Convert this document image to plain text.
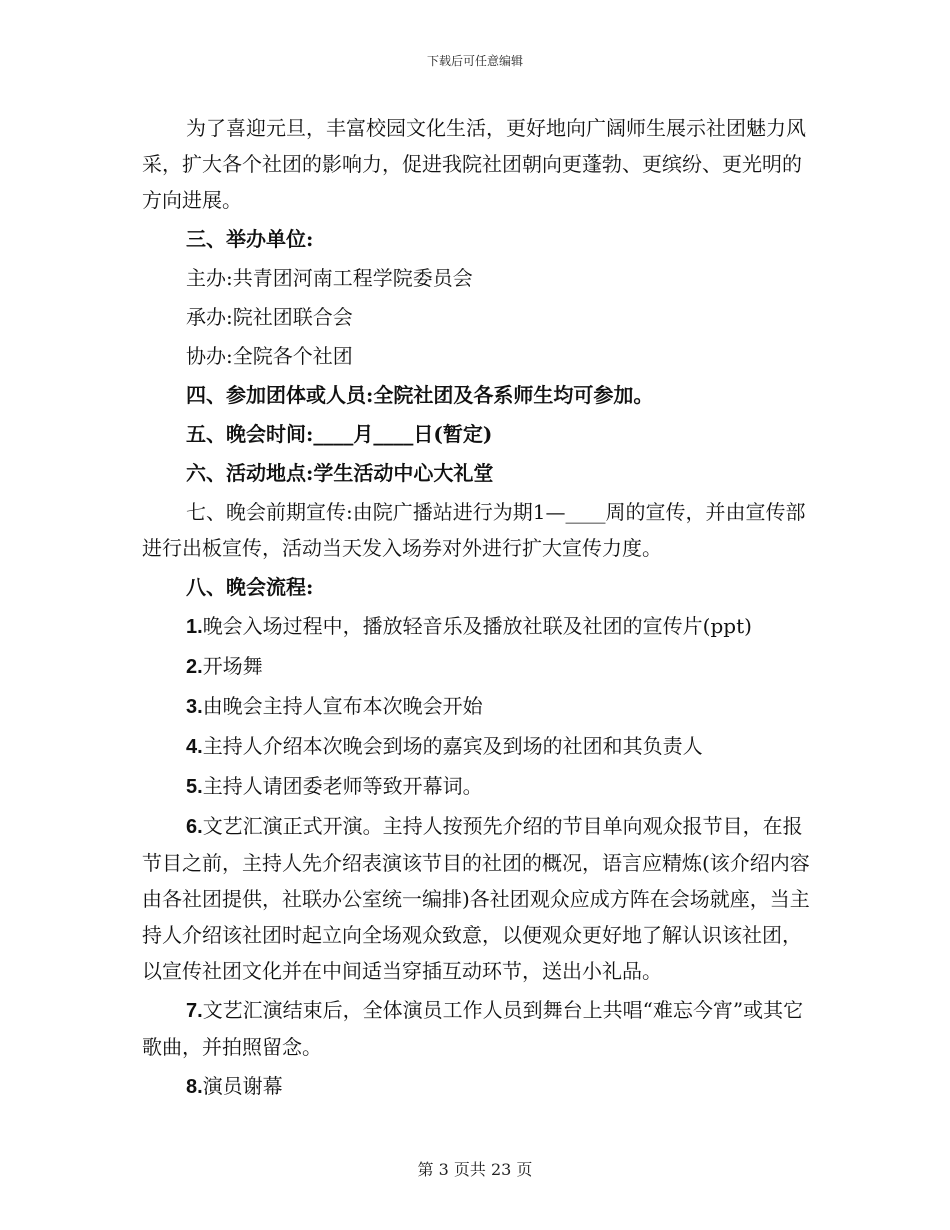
下载后可任意编辑

为了喜迎元旦，丰富校园文化生活，更好地向广阔师生展示社团魅力风采，扩大各个社团的影响力，促进我院社团朝向更蓬勃、更缤纷、更光明的方向进展。

三、举办单位:

主办:共青团河南工程学院委员会

承办:院社团联合会

协办:全院各个社团

四、参加团体或人员:全院社团及各系师生均可参加。

五、晚会时间:____月____日(暂定)

六、活动地点:学生活动中心大礼堂

七、晚会前期宣传:由院广播站进行为期1—____周的宣传，并由宣传部进行出板宣传，活动当天发入场券对外进行扩大宣传力度。

八、晚会流程:

1.晚会入场过程中，播放轻音乐及播放社联及社团的宣传片(ppt)

2.开场舞

3.由晚会主持人宣布本次晚会开始

4.主持人介绍本次晚会到场的嘉宾及到场的社团和其负责人

5.主持人请团委老师等致开幕词。

6.文艺汇演正式开演。主持人按预先介绍的节目单向观众报节目，在报节目之前，主持人先介绍表演该节目的社团的概况，语言应精炼(该介绍内容由各社团提供，社联办公室统一编排)各社团观众应成方阵在会场就座，当主持人介绍该社团时起立向全场观众致意，以便观众更好地了解认识该社团，以宣传社团文化并在中间适当穿插互动环节，送出小礼品。

7.文艺汇演结束后，全体演员工作人员到舞台上共唱“难忘今宵”或其它歌曲，并拍照留念。

8.演员谢幕

第 3 页共 23 页
